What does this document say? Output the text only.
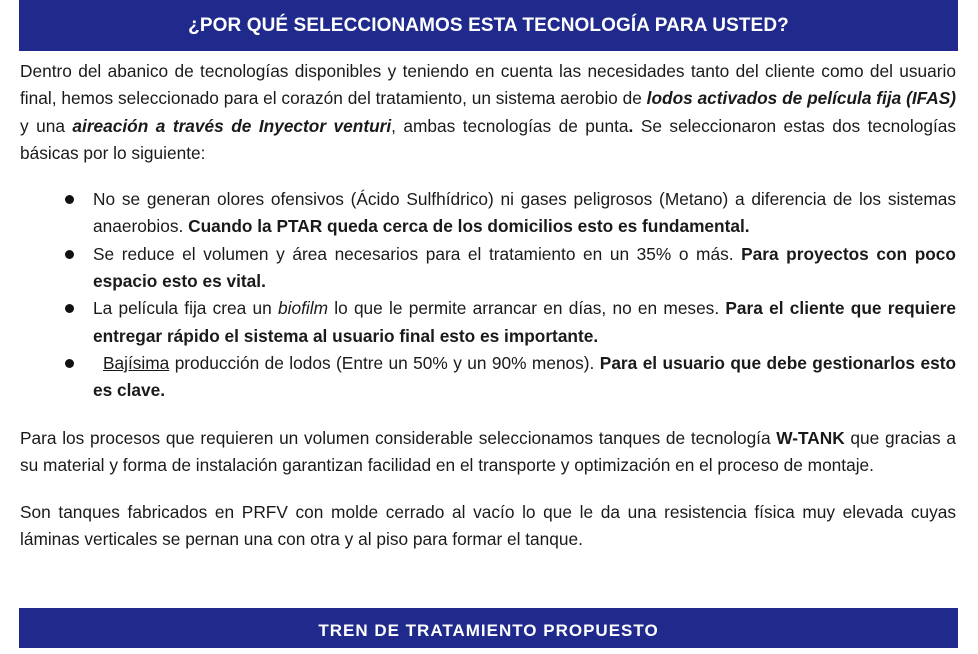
¿POR QUÉ SELECCIONAMOS ESTA TECNOLOGÍA PARA USTED?

Dentro del abanico de tecnologías disponibles y teniendo en cuenta las necesidades tanto del cliente como del usuario final, hemos seleccionado para el corazón del tratamiento, un sistema aerobio de lodos activados de película fija (IFAS) y una aireación a través de Inyector venturi, ambas tecnologías de punta. Se seleccionaron estas dos tecnologías básicas por lo siguiente:

No se generan olores ofensivos (Ácido Sulfhídrico) ni gases peligrosos (Metano) a diferencia de los sistemas anaerobios. Cuando la PTAR queda cerca de los domicilios esto es fundamental.
Se reduce el volumen y área necesarios para el tratamiento en un 35% o más. Para proyectos con poco espacio esto es vital.
La película fija crea un biofilm lo que le permite arrancar en días, no en meses. Para el cliente que requiere entregar rápido el sistema al usuario final esto es importante.
Bajísima producción de lodos (Entre un 50% y un 90% menos). Para el usuario que debe gestionarlos esto es clave.

Para los procesos que requieren un volumen considerable seleccionamos tanques de tecnología W-TANK que gracias a su material y forma de instalación garantizan facilidad en el transporte y optimización en el proceso de montaje.

Son tanques fabricados en PRFV con molde cerrado al vacío lo que le da una resistencia física muy elevada cuyas láminas verticales se pernan una con otra y al piso para formar el tanque.

TREN DE TRATAMIENTO PROPUESTO
